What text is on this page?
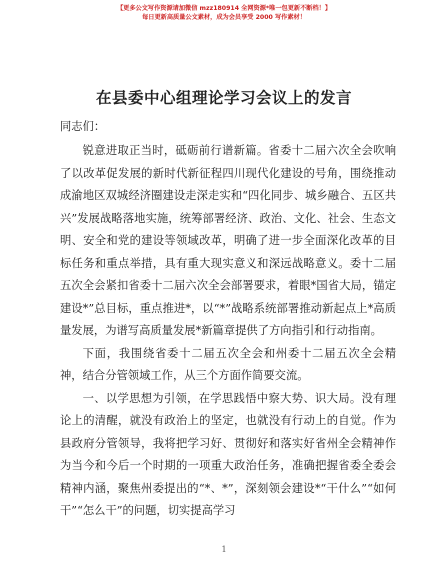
【更多公文写作资源请加微信 mzz180914 全网资源*唯一包更新不断档！】
每日更新高质量公文素材，成为会员享受 2000 写作素材！
在县委中心组理论学习会议上的发言
同志们：

锐意进取正当时，砥砺前行谱新篇。省委十二届六次全会吹响了以改革促发展的新时代新征程四川现代化建设的号角，围绕推动成渝地区双城经济圈建设走深走实和“四化同步、城乡融合、五区共兴”发展战略落地实施，统筹部署经济、政治、文化、社会、生态文明、安全和党的建设等领域改革，明确了进一步全面深化改革的目标任务和重点举措，具有重大现实意义和深远战略意义。委十二届五次全会紧扣省委十二届六次全会部署要求，着眼*国省大局，锚定建设*”总目标，重点推进*，以“*”战略系统部署推动新起点上*高质量发展，为谱写高质量发展*新篇章提供了方向指引和行动指南。

下面，我围绕省委十二届五次全会和州委十二届五次全会精神，结合分管领域工作，从三个方面作简要交流。

一、以学思想为引领，在学思践悟中察大势、识大局。没有理论上的清醒，就没有政治上的坚定，也就没有行动上的自觉。作为县政府分管领导，我将把学习好、贯彻好和落实好省州全会精神作为当今和今后一个时期的一项重大政治任务，准确把握省委全委会精神内涵，聚焦州委提出的“*、*”，深刻领会建设*“干什么”“如何干”“怎么干”的问题，切实提高学习

1
